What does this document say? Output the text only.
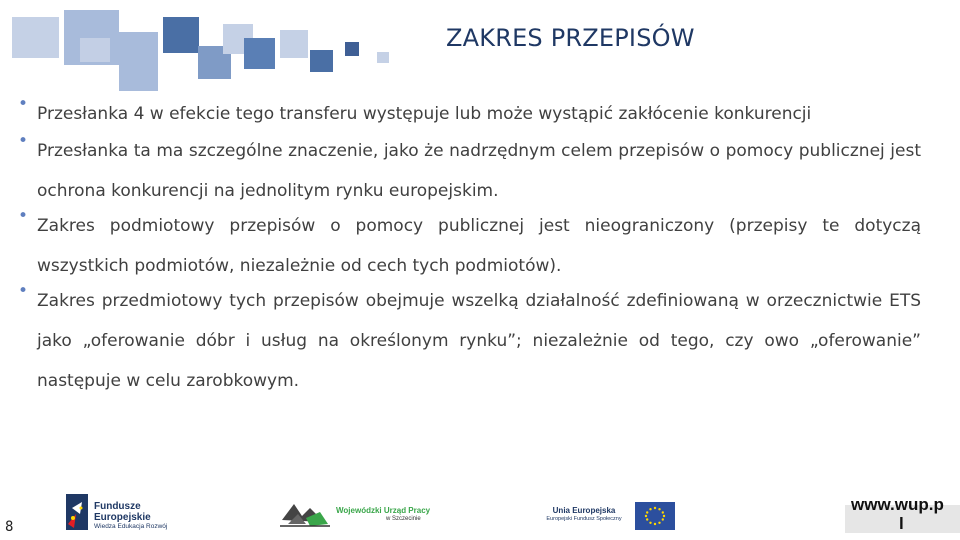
ZAKRES PRZEPISÓW
• Przesłanka 4 w efekcie tego transferu występuje lub może wystąpić zakłócenie konkurencji
• Przesłanka ta ma szczególne znaczenie, jako że nadrzędnym celem przepisów o pomocy publicznej jest ochrona konkurencji na jednolitym rynku europejskim.
• Zakres podmiotowy przepisów o pomocy publicznej jest nieograniczony (przepisy te dotyczą wszystkich podmiotów, niezależnie od cech tych podmiotów).
• Zakres przedmiotowy tych przepisów obejmuje wszelką działalność zdefiniowaną w orzecznictwie ETS jako „oferowanie dóbr i usług na określonym rynku”; niezależnie od tego, czy owo „oferowanie” następuje w celu zarobkowym.
8
Fundusze
Europejskie
Wiedza Edukacja Rozwój
Wojewódzki Urząd Pracy
w Szczecinie
Unia Europejska
Europejski Fundusz Społeczny
www.wup.p
l
